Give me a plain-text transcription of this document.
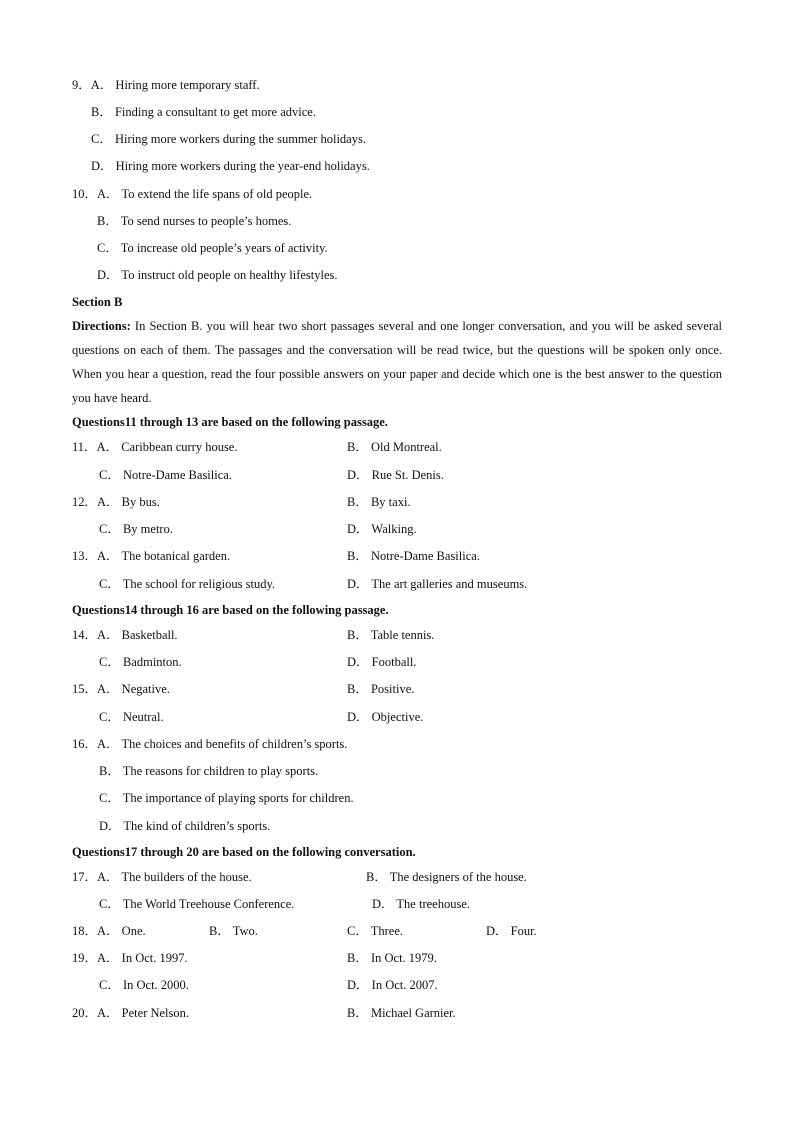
9．A． Hiring more temporary staff.
B． Finding a consultant to get more advice.
C． Hiring more workers during the summer holidays.
D． Hiring more workers during the year-end holidays.
10．A． To extend the life spans of old people.
B． To send nurses to people’s homes.
C． To increase old people’s years of activity.
D． To instruct old people on healthy lifestyles.
Section B
Directions: In Section B. you will hear two short passages several and one longer conversation, and you will be asked several questions on each of them. The passages and the conversation will be read twice, but the questions will be spoken only once. When you hear a question, read the four possible answers on your paper and decide which one is the best answer to the question you have heard.
Questions11 through 13 are based on the following passage.
11．A． Caribbean curry house.	B． Old Montreal.
C． Notre-Dame Basilica.	D． Rue St. Denis.
12．A． By bus.	B． By taxi.
C． By metro.	D． Walking.
13．A． The botanical garden.	B． Notre-Dame Basilica.
C． The school for religious study.	D． The art galleries and museums.
Questions14 through 16 are based on the following passage.
14．A． Basketball.	B． Table tennis.
C． Badminton.	D． Football.
15．A． Negative.	B． Positive.
C． Neutral.	D． Objective.
16．A． The choices and benefits of children’s sports.
B． The reasons for children to play sports.
C． The importance of playing sports for children.
D． The kind of children’s sports.
Questions17 through 20 are based on the following conversation.
17．A． The builders of the house.	B． The designers of the house.
C． The World Treehouse Conference.	D． The treehouse.
18．A． One.	B． Two.	C． Three.	D． Four.
19．A． In Oct. 1997.	B． In Oct. 1979.
C． In Oct. 2000.	D． In Oct. 2007.
20．A． Peter Nelson.	B． Michael Garnier.
